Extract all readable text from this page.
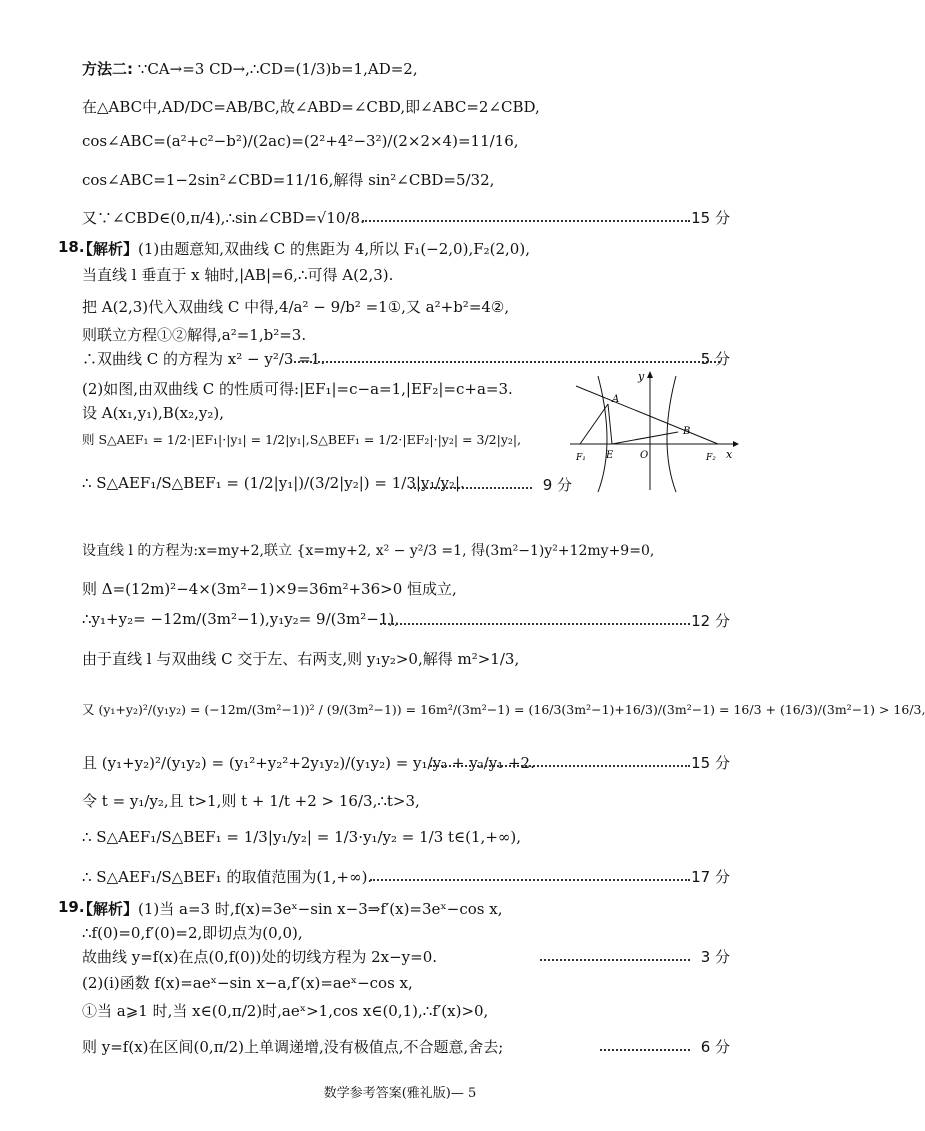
方法二: ∵CA→=3 CD→,∴CD=(1/3)b=1,AD=2,
在△ABC中,AD/DC=AB/BC,故∠ABD=∠CBD,即∠ABC=2∠CBD,
cos∠ABC=(a²+c²−b²)/(2ac)=(2²+4²−3²)/(2×2×4)=11/16,
cos∠ABC=1−2sin²∠CBD=11/16,解得 sin²∠CBD=5/32,
又∵∠CBD∈(0,π/4),∴sin∠CBD=√10/8.	15 分
18.
【解析】(1)由题意知,双曲线 C 的焦距为 4,所以 F₁(−2,0),F₂(2,0),
当直线 l 垂直于 x 轴时,|AB|=6,∴可得 A(2,3).
把 A(2,3)代入双曲线 C 中得,4/a² − 9/b² =1①,又 a²+b²=4②,
则联立方程①②解得,a²=1,b²=3.
∴双曲线 C 的方程为 x² − y²/3 =1.	5 分
(2)如图,由双曲线 C 的性质可得:|EF₁|=c−a=1,|EF₂|=c+a=3.
设 A(x₁,y₁),B(x₂,y₂),
则 S△AEF₁ = 1/2·|EF₁|·|y₁| = 1/2|y₁|,S△BEF₁ = 1/2·|EF₂|·|y₂| = 3/2|y₂|,
∴ S△AEF₁/S△BEF₁ = (1/2|y₁|)/(3/2|y₂|) = 1/3|y₁/y₂|.	9 分
y
x
A
B
E	O
F₁	F₂
设直线 l 的方程为:x=my+2,联立 {x=my+2, x² − y²/3 =1, 得(3m²−1)y²+12my+9=0,
则 Δ=(12m)²−4×(3m²−1)×9=36m²+36>0 恒成立,
∴y₁+y₂= −12m/(3m²−1),y₁y₂= 9/(3m²−1),	12 分
由于直线 l 与双曲线 C 交于左、右两支,则 y₁y₂>0,解得 m²>1/3,
又 (y₁+y₂)²/(y₁y₂) = (−12m/(3m²−1))² / (9/(3m²−1)) = 16m²/(3m²−1) = (16/3(3m²−1)+16/3)/(3m²−1) = 16/3 + (16/3)/(3m²−1) > 16/3,
且 (y₁+y₂)²/(y₁y₂) = (y₁²+y₂²+2y₁y₂)/(y₁y₂) = y₁/y₂ + y₂/y₁ +2.	15 分
令 t = y₁/y₂,且 t>1,则 t + 1/t +2 > 16/3,∴t>3,
∴ S△AEF₁/S△BEF₁ = 1/3|y₁/y₂| = 1/3·y₁/y₂ = 1/3 t∈(1,+∞),
∴ S△AEF₁/S△BEF₁ 的取值范围为(1,+∞).	17 分
19.
【解析】(1)当 a=3 时,f(x)=3eˣ−sin x−3⇒f′(x)=3eˣ−cos x,
∴f(0)=0,f′(0)=2,即切点为(0,0),
故曲线 y=f(x)在点(0,f(0))处的切线方程为 2x−y=0.	3 分
(2)(ⅰ)函数 f(x)=aeˣ−sin x−a,f′(x)=aeˣ−cos x,
①当 a⩾1 时,当 x∈(0,π/2)时,aeˣ>1,cos x∈(0,1),∴f′(x)>0,
则 y=f(x)在区间(0,π/2)上单调递增,没有极值点,不合题意,舍去;	6 分
数学参考答案(雅礼版)— 5
